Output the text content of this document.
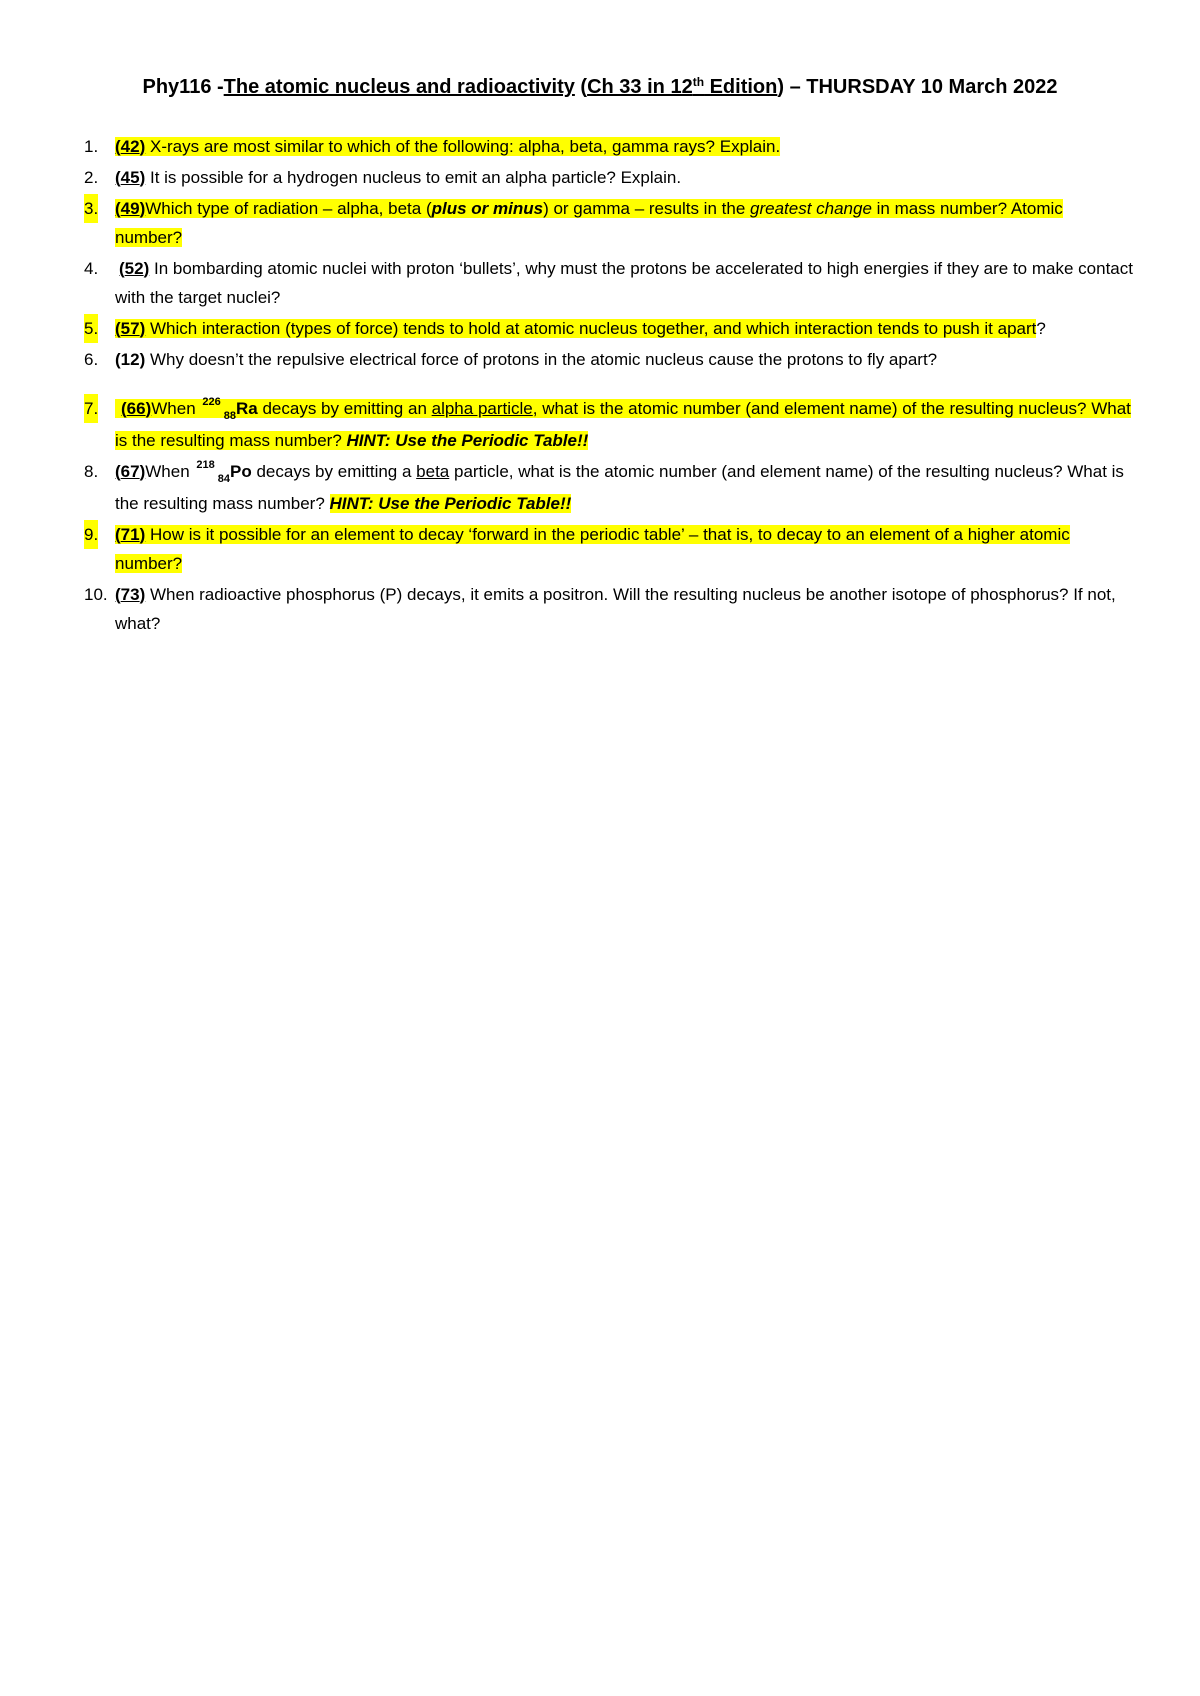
Phy116 -The atomic nucleus and radioactivity (Ch 33 in 12th Edition) – THURSDAY 10 March 2022
1. (42) X-rays are most similar to which of the following: alpha, beta, gamma rays? Explain.
2. (45) It is possible for a hydrogen nucleus to emit an alpha particle? Explain.
3. (49)Which type of radiation – alpha, beta (plus or minus) or gamma – results in the greatest change in mass number? Atomic number?
4. (52) In bombarding atomic nuclei with proton ‘bullets’, why must the protons be accelerated to high energies if they are to make contact with the target nuclei?
5. (57) Which interaction (types of force) tends to hold at atomic nucleus together, and which interaction tends to push it apart?
6. (12) Why doesn’t the repulsive electrical force of protons in the atomic nucleus cause the protons to fly apart?
7. (66)When $^{226}_{88}$Ra decays by emitting an alpha particle, what is the atomic number (and element name) of the resulting nucleus? What is the resulting mass number? HINT: Use the Periodic Table!!
8. (67)When $^{218}_{84}$Po decays by emitting a beta particle, what is the atomic number (and element name) of the resulting nucleus? What is the resulting mass number? HINT: Use the Periodic Table!!
9. (71) How is it possible for an element to decay ‘forward in the periodic table’ – that is, to decay to an element of a higher atomic number?
10. (73) When radioactive phosphorus (P) decays, it emits a positron. Will the resulting nucleus be another isotope of phosphorus? If not, what?
